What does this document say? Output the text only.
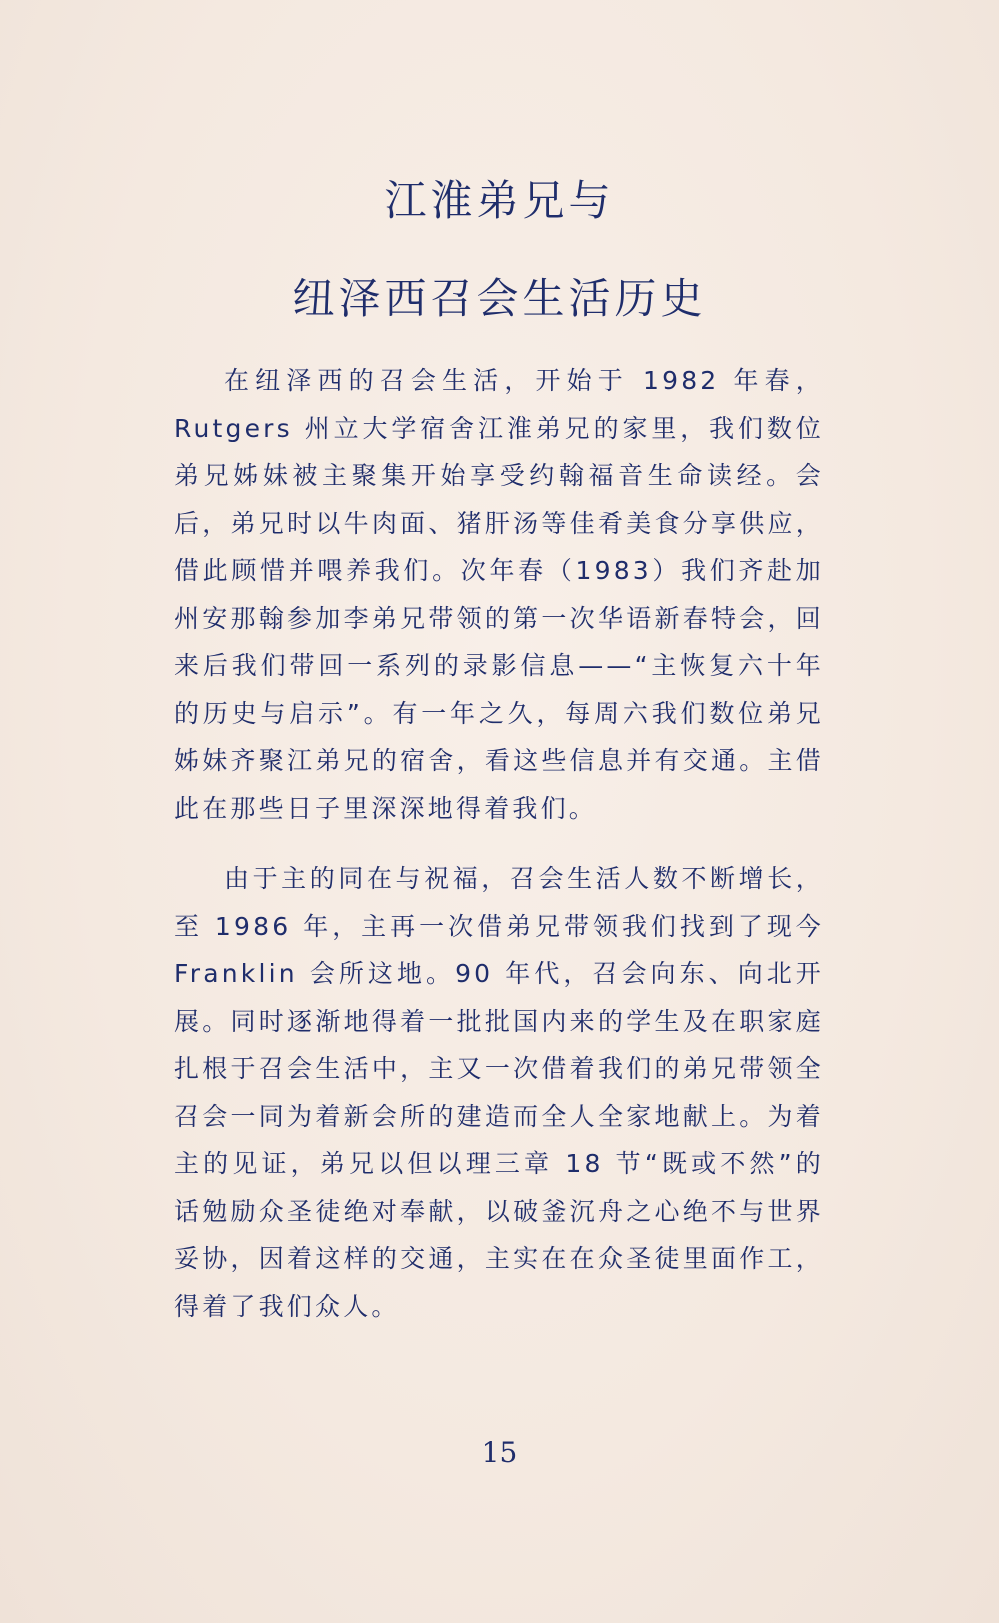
江淮弟兄与
纽泽西召会生活历史

在纽泽西的召会生活，开始于 1982 年春，Rutgers 州立大学宿舍江淮弟兄的家里，我们数位弟兄姊妹被主聚集开始享受约翰福音生命读经。会后，弟兄时以牛肉面、猪肝汤等佳肴美食分享供应，借此顾惜并喂养我们。次年春（1983）我们齐赴加州安那翰参加李弟兄带领的第一次华语新春特会，回来后我们带回一系列的录影信息——“主恢复六十年的历史与启示”。有一年之久，每周六我们数位弟兄姊妹齐聚江弟兄的宿舍，看这些信息并有交通。主借此在那些日子里深深地得着我们。

由于主的同在与祝福，召会生活人数不断增长，至 1986 年，主再一次借弟兄带领我们找到了现今 Franklin 会所这地。90 年代，召会向东、向北开展。同时逐渐地得着一批批国内来的学生及在职家庭扎根于召会生活中，主又一次借着我们的弟兄带领全召会一同为着新会所的建造而全人全家地献上。为着主的见证，弟兄以但以理三章 18 节“既或不然”的话勉励众圣徒绝对奉献，以破釜沉舟之心绝不与世界妥协，因着这样的交通，主实在在众圣徒里面作工，得着了我们众人。

15
